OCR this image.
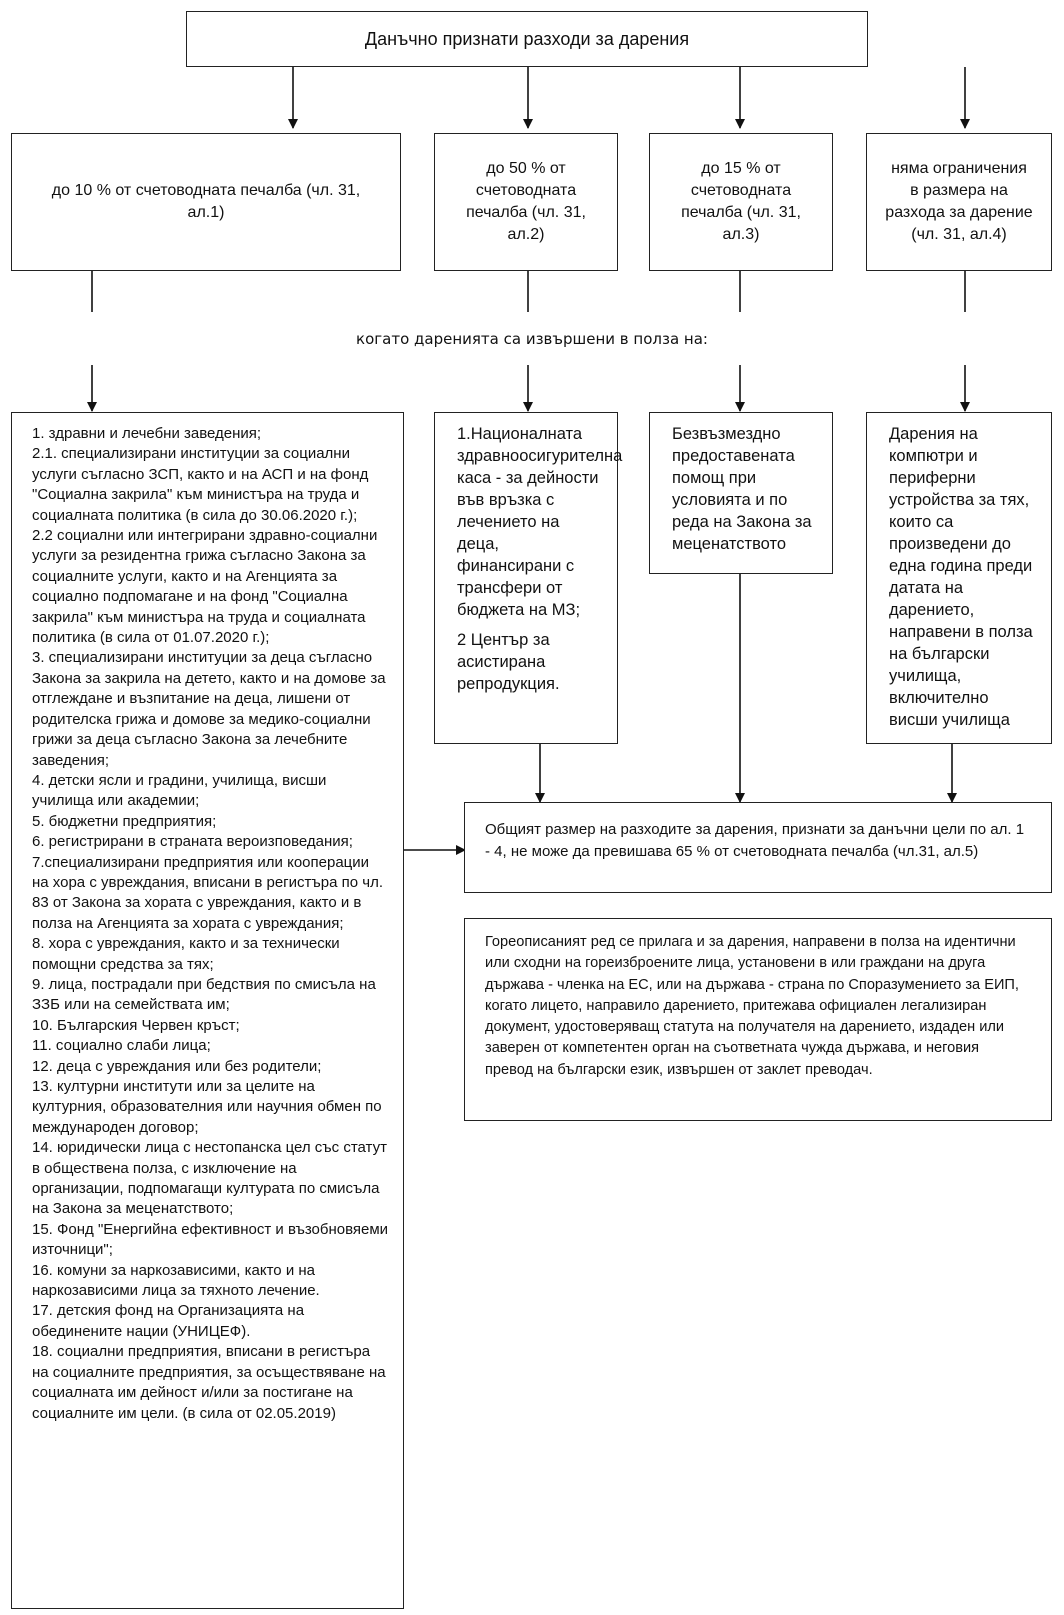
Данъчно признати разходи за дарения
до 10 % от счетоводната печалба (чл. 31, ал.1)
до 50 % от счетоводната печалба (чл. 31, ал.2)
до 15 % от счетоводната печалба (чл. 31, ал.3)
няма ограничения в размера на разхода за дарение (чл. 31, ал.4)
когато даренията са извършени в полза на:
1. здравни и лечебни заведения;
2.1. специализирани институции за социални услуги съгласно ЗСП, както и на АСП и на фонд "Социална закрила" към министъра на труда и социалната политика (в сила до 30.06.2020 г.);
2.2 социални или интегрирани здравно-социални услуги за резидентна грижа съгласно Закона за социалните услуги, както и на Агенцията за социално подпомагане и на фонд "Социална закрила" към министъра на труда и социалната политика (в сила от 01.07.2020 г.);
3. специализирани институции за деца съгласно Закона за закрила на детето, както и на домове за отглеждане и възпитание на деца, лишени от родителска грижа и домове за медико-социални грижи за деца съгласно Закона за лечебните заведения;
4. детски ясли и градини, училища, висши училища или академии;
5. бюджетни предприятия;
6. регистрирани в страната вероизповедания;
7.специализирани предприятия или кооперации на хора с увреждания, вписани в регистъра по чл. 83 от Закона за хората с увреждания, както и в полза на Агенцията за хората с увреждания;
8. хора с увреждания, както и за технически помощни средства за тях;
9. лица, пострадали при бедствия по смисъла на ЗЗБ или на семействата им;
10. Българския Червен кръст;
11. социално слаби лица;
12. деца с увреждания или без родители;
13. културни институти или за целите на културния, образователния или научния обмен по международен договор;
14. юридически лица с нестопанска цел със статут в обществена полза, с изключение на организации, подпомагащи културата по смисъла на Закона за меценатството;
15. Фонд "Енергийна ефективност и възобновяеми източници";
16. комуни за наркозависими, както и на наркозависими лица за тяхното лечение.
17. детския фонд на Организацията на обединените нации (УНИЦЕФ).
18. социални предприятия, вписани в регистъра на социалните предприятия, за осъществяване на социалната им дейност и/или за постигане на социалните им цели. (в сила от 02.05.2019)
1.Националната здравноосигурителна каса - за дейности във връзка с лечението на деца, финансирани с трансфери от бюджета на МЗ;
2 Център за асистирана репродукция.
Безвъзмездно предоставената помощ при условията и по реда на Закона за меценатството
Дарения на компютри и периферни устройства за тях, които са произведени до една година преди датата на дарението, направени в полза на български училища, включително висши училища
Общият размер на разходите за дарения, признати за данъчни цели по ал. 1 - 4, не може да превишава 65 % от счетоводната печалба (чл.31, ал.5)
Гореописаният ред се прилага и за дарения, направени в полза на идентични или сходни на гореизброените лица, установени в или граждани на друга държава - членка на ЕС, или на държава - страна по Споразумението за ЕИП, когато лицето, направило дарението, притежава официален легализиран документ, удостоверяващ статута на получателя на дарението, издаден или заверен от компетентен орган на съответната чужда държава, и неговия превод на български език, извършен от заклет преводач.
